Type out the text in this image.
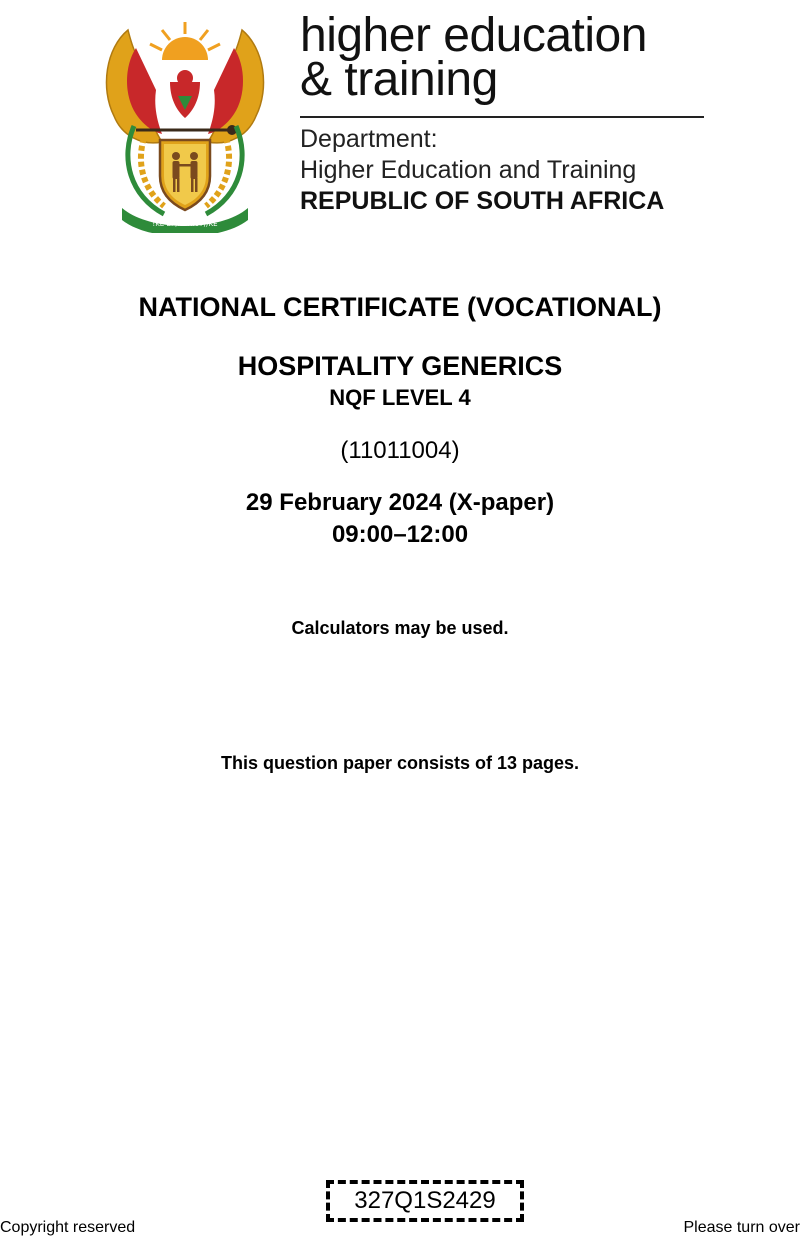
!KE E: /XARRA //KE
higher education
& training
Department:
Higher Education and Training
REPUBLIC OF SOUTH AFRICA
NATIONAL CERTIFICATE (VOCATIONAL)
HOSPITALITY GENERICS
NQF LEVEL 4
(11011004)
29 February 2024 (X-paper)
09:00–12:00
Calculators may be used.
This question paper consists of 13 pages.
327Q1S2429
Copyright reserved	Please turn over
